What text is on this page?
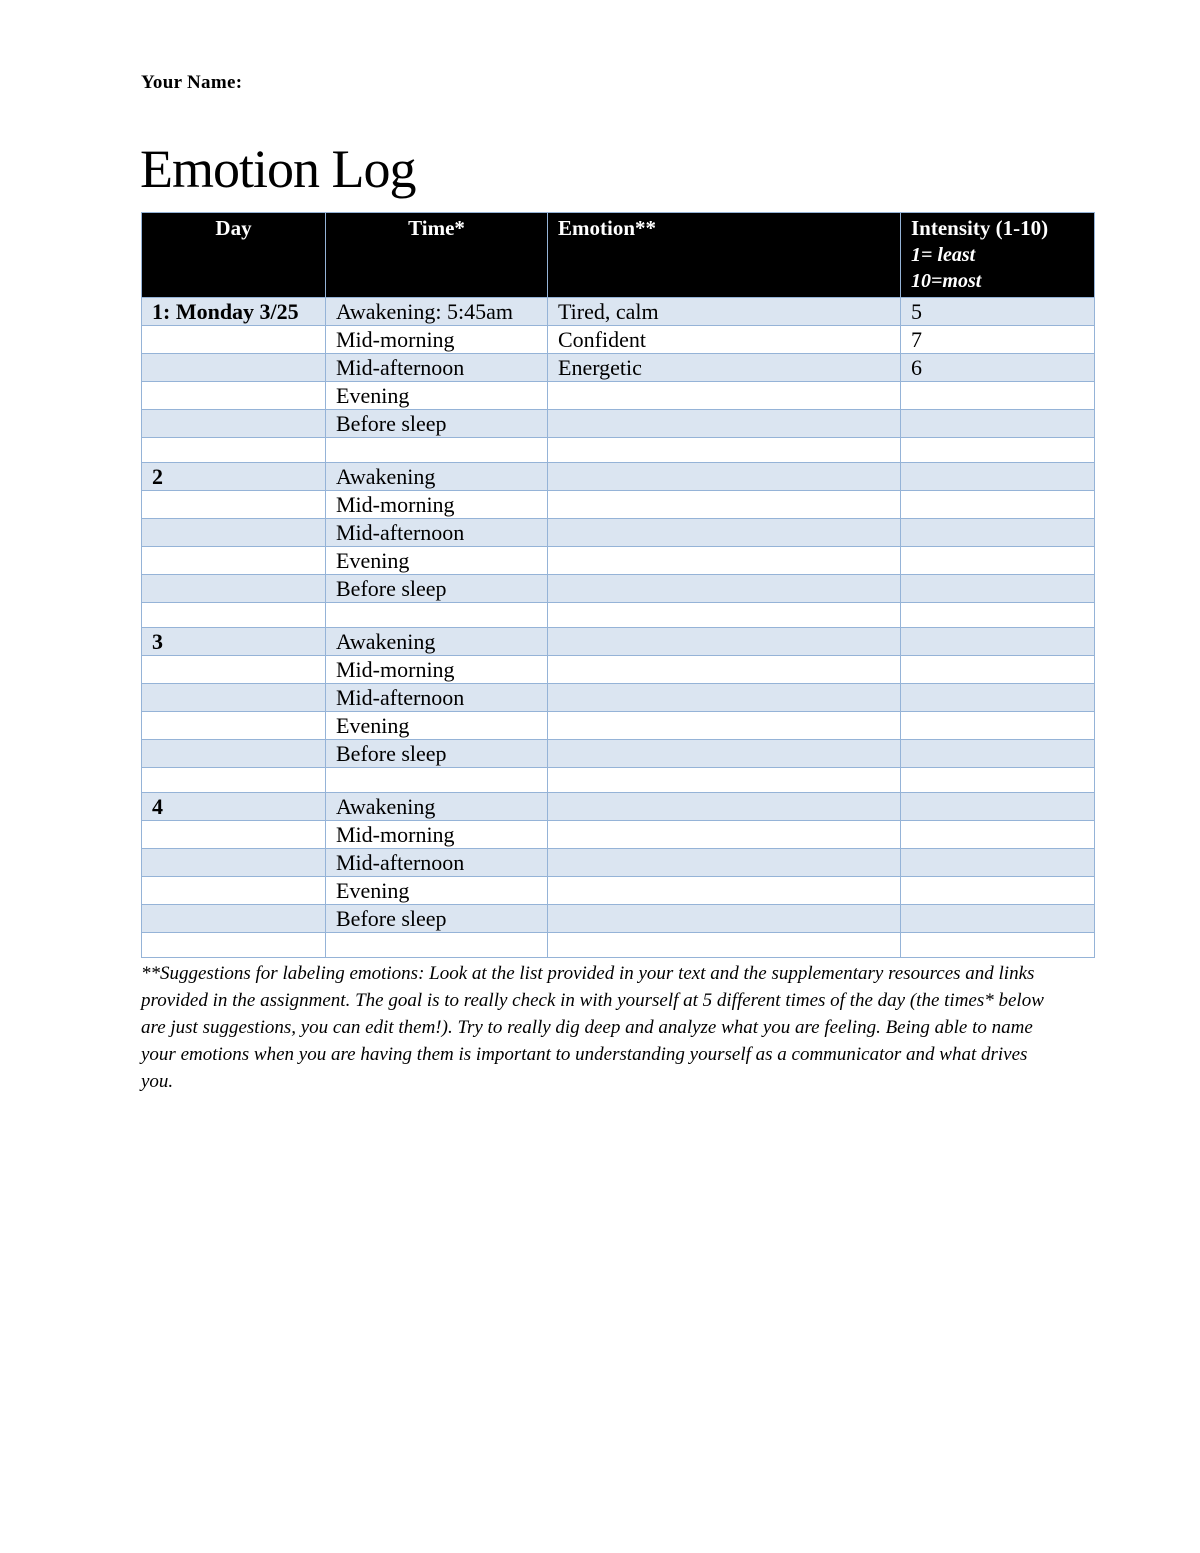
Your Name:
Emotion Log
Day	Time*	Emotion**	Intensity (1-10)
1= least
10=most

1: Monday 3/25	Awakening: 5:45am	Tired, calm	5
	Mid-morning	Confident	7
	Mid-afternoon	Energetic	6
	Evening		
	Before sleep		

2	Awakening		
	Mid-morning		
	Mid-afternoon		
	Evening		
	Before sleep		

3	Awakening		
	Mid-morning		
	Mid-afternoon		
	Evening		
	Before sleep		

4	Awakening		
	Mid-morning		
	Mid-afternoon		
	Evening		
	Before sleep		

**Suggestions for labeling emotions: Look at the list provided in your text and the supplementary resources and links provided in the assignment. The goal is to really check in with yourself at 5 different times of the day (the times* below are just suggestions, you can edit them!). Try to really dig deep and analyze what you are feeling. Being able to name your emotions when you are having them is important to understanding yourself as a communicator and what drives you.
